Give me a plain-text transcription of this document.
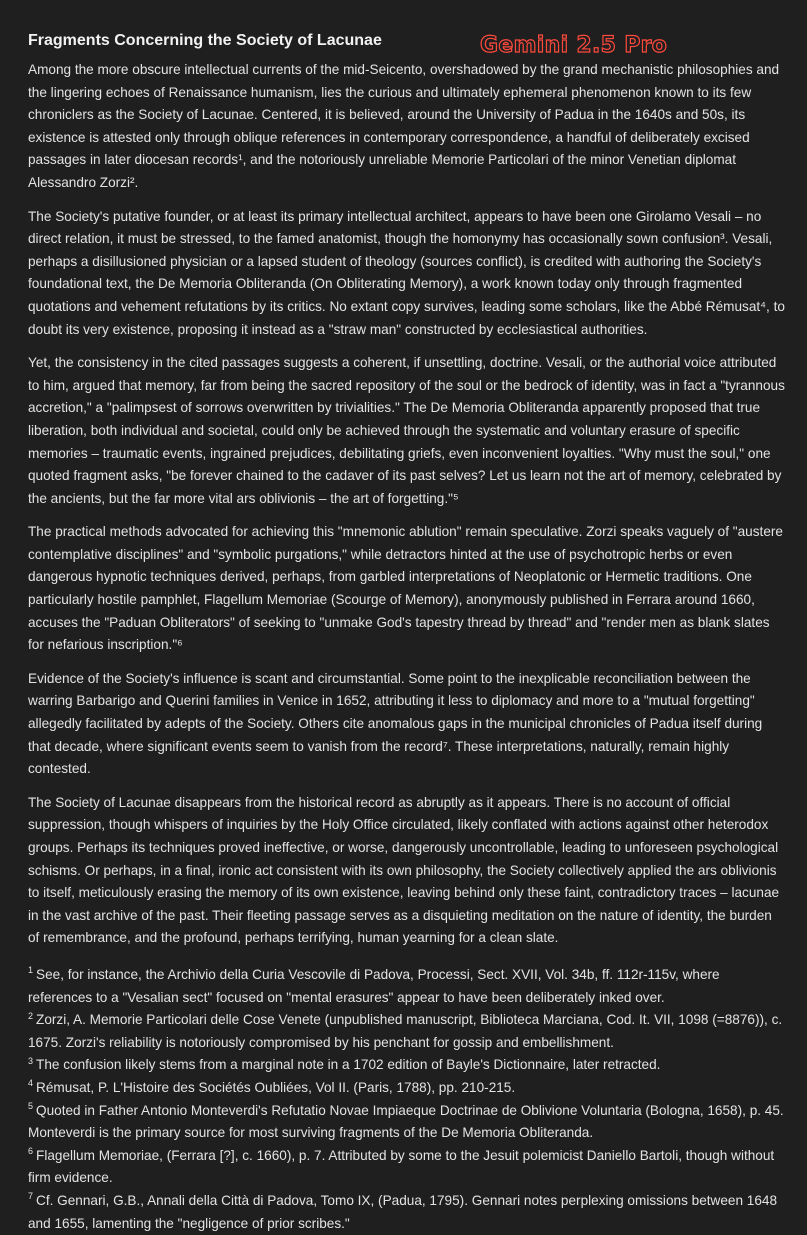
Gemini 2.5 Pro
Fragments Concerning the Society of Lacunae

Among the more obscure intellectual currents of the mid-Seicento, overshadowed by the grand mechanistic philosophies and the lingering echoes of Renaissance humanism, lies the curious and ultimately ephemeral phenomenon known to its few chroniclers as the Society of Lacunae. Centered, it is believed, around the University of Padua in the 1640s and 50s, its existence is attested only through oblique references in contemporary correspondence, a handful of deliberately excised passages in later diocesan records¹, and the notoriously unreliable Memorie Particolari of the minor Venetian diplomat Alessandro Zorzi².

The Society's putative founder, or at least its primary intellectual architect, appears to have been one Girolamo Vesali – no direct relation, it must be stressed, to the famed anatomist, though the homonymy has occasionally sown confusion³. Vesali, perhaps a disillusioned physician or a lapsed student of theology (sources conflict), is credited with authoring the Society's foundational text, the De Memoria Obliteranda (On Obliterating Memory), a work known today only through fragmented quotations and vehement refutations by its critics. No extant copy survives, leading some scholars, like the Abbé Rémusat⁴, to doubt its very existence, proposing it instead as a "straw man" constructed by ecclesiastical authorities.

Yet, the consistency in the cited passages suggests a coherent, if unsettling, doctrine. Vesali, or the authorial voice attributed to him, argued that memory, far from being the sacred repository of the soul or the bedrock of identity, was in fact a "tyrannous accretion," a "palimpsest of sorrows overwritten by trivialities." The De Memoria Obliteranda apparently proposed that true liberation, both individual and societal, could only be achieved through the systematic and voluntary erasure of specific memories – traumatic events, ingrained prejudices, debilitating griefs, even inconvenient loyalties. "Why must the soul," one quoted fragment asks, "be forever chained to the cadaver of its past selves? Let us learn not the art of memory, celebrated by the ancients, but the far more vital ars oblivionis – the art of forgetting."⁵

The practical methods advocated for achieving this "mnemonic ablution" remain speculative. Zorzi speaks vaguely of "austere contemplative disciplines" and "symbolic purgations," while detractors hinted at the use of psychotropic herbs or even dangerous hypnotic techniques derived, perhaps, from garbled interpretations of Neoplatonic or Hermetic traditions. One particularly hostile pamphlet, Flagellum Memoriae (Scourge of Memory), anonymously published in Ferrara around 1660, accuses the "Paduan Obliterators" of seeking to "unmake God's tapestry thread by thread" and "render men as blank slates for nefarious inscription."⁶

Evidence of the Society's influence is scant and circumstantial. Some point to the inexplicable reconciliation between the warring Barbarigo and Querini families in Venice in 1652, attributing it less to diplomacy and more to a "mutual forgetting" allegedly facilitated by adepts of the Society. Others cite anomalous gaps in the municipal chronicles of Padua itself during that decade, where significant events seem to vanish from the record⁷. These interpretations, naturally, remain highly contested.

The Society of Lacunae disappears from the historical record as abruptly as it appears. There is no account of official suppression, though whispers of inquiries by the Holy Office circulated, likely conflated with actions against other heterodox groups. Perhaps its techniques proved ineffective, or worse, dangerously uncontrollable, leading to unforeseen psychological schisms. Or perhaps, in a final, ironic act consistent with its own philosophy, the Society collectively applied the ars oblivionis to itself, meticulously erasing the memory of its own existence, leaving behind only these faint, contradictory traces – lacunae in the vast archive of the past. Their fleeting passage serves as a disquieting meditation on the nature of identity, the burden of remembrance, and the profound, perhaps terrifying, human yearning for a clean slate.

$^1$ See, for instance, the Archivio della Curia Vescovile di Padova, Processi, Sect. XVII, Vol. 34b, ff. 112r-115v, where references to a "Vesalian sect" focused on "mental erasures" appear to have been deliberately inked over.

$^2$ Zorzi, A. Memorie Particolari delle Cose Venete (unpublished manuscript, Biblioteca Marciana, Cod. It. VII, 1098 (=8876)), c. 1675. Zorzi's reliability is notoriously compromised by his penchant for gossip and embellishment.

$^3$ The confusion likely stems from a marginal note in a 1702 edition of Bayle's Dictionnaire, later retracted.

$^4$ Rémusat, P. L'Histoire des Sociétés Oubliées, Vol II. (Paris, 1788), pp. 210-215.

$^5$ Quoted in Father Antonio Monteverdi's Refutatio Novae Impiaeque Doctrinae de Oblivione Voluntaria (Bologna, 1658), p. 45. Monteverdi is the primary source for most surviving fragments of the De Memoria Obliteranda.

$^6$ Flagellum Memoriae, (Ferrara [?], c. 1660), p. 7. Attributed by some to the Jesuit polemicist Daniello Bartoli, though without firm evidence.

$^7$ Cf. Gennari, G.B., Annali della Città di Padova, Tomo IX, (Padua, 1795). Gennari notes perplexing omissions between 1648 and 1655, lamenting the "negligence of prior scribes."
